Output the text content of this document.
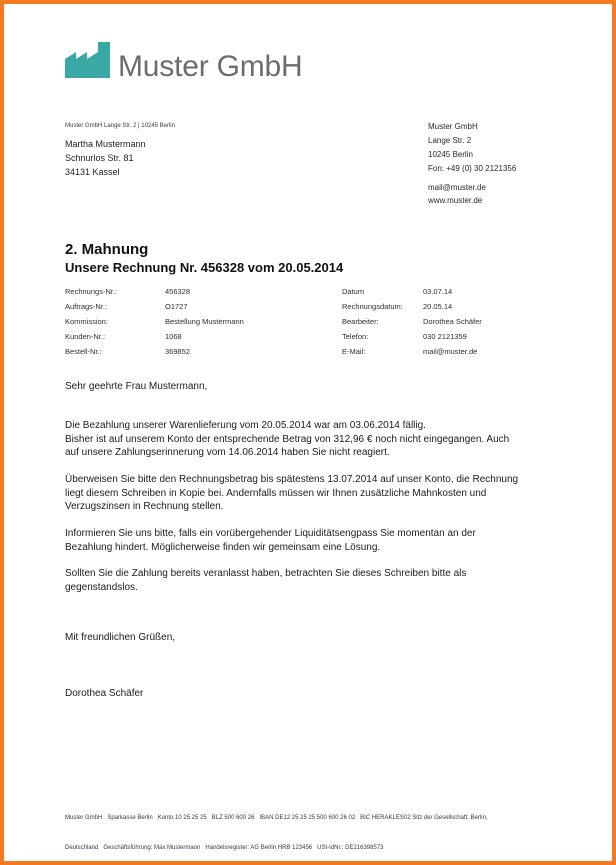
Muster GmbH
Muster GmbH Lange Str. 2 | 10245 Berlin
Martha Mustermann
Schnurlos Str. 81
34131 Kassel
Muster GmbH
Lange Str. 2
10245 Berlin
Fon: +49 (0) 30 2121356
mail@muster.de
www.muster.de
2. Mahnung
Unsere Rechnung Nr. 456328 vom 20.05.2014
Rechnungs-Nr.:	456328	Datum	03.07.14
Auftrags-Nr.:	O1727	Rechnungsdatum:	20.05.14
Kommission:	Bestellung Mustermann	Bearbeiter:	Dorothea Schäfer
Kunden-Nr.:	1068	Telefon:	030 2121359
Bestell-Nr.:	369852	E-Mail:	mail@muster.de
Sehr geehrte Frau Mustermann,
Die Bezahlung unserer Warenlieferung vom 20.05.2014 war am 03.06.2014 fällig.
Bisher ist auf unserem Konto der entsprechende Betrag von 312,96 € noch nicht eingegangen. Auch
auf unsere Zahlungserinnerung vom 14.06.2014 haben Sie nicht reagiert.
Überweisen Sie bitte den Rechnungsbetrag bis spätestens 13.07.2014 auf unser Konto, die Rechnung
liegt diesem Schreiben in Kopie bei. Andernfalls müssen wir Ihnen zusätzliche Mahnkosten und
Verzugszinsen in Rechnung stellen.
Informieren Sie uns bitte, falls ein vorübergehender Liquiditätsengpass Sie momentan an der
Bezahlung hindert. Möglicherweise finden wir gemeinsam eine Lösung.
Sollten Sie die Zahlung bereits veranlasst haben, betrachten Sie dieses Schreiben bitte als
gegenstandslos.
Mit freundlichen Grüßen,
Dorothea Schäfer

Muster GmbH   Sparkasse Berlin   Konto 10 25 25 25   BLZ 500 600 26   IBAN DE12 25 25 25 500 600 26 02   BIC HERAKLES02 Sitz der Gesellschaft: Berlin,

Deutschland   Geschäftsführung: Max Mustermann   Handelsregister: AG Berlin HRB 123456   USt-IdNr.: DE216398573
